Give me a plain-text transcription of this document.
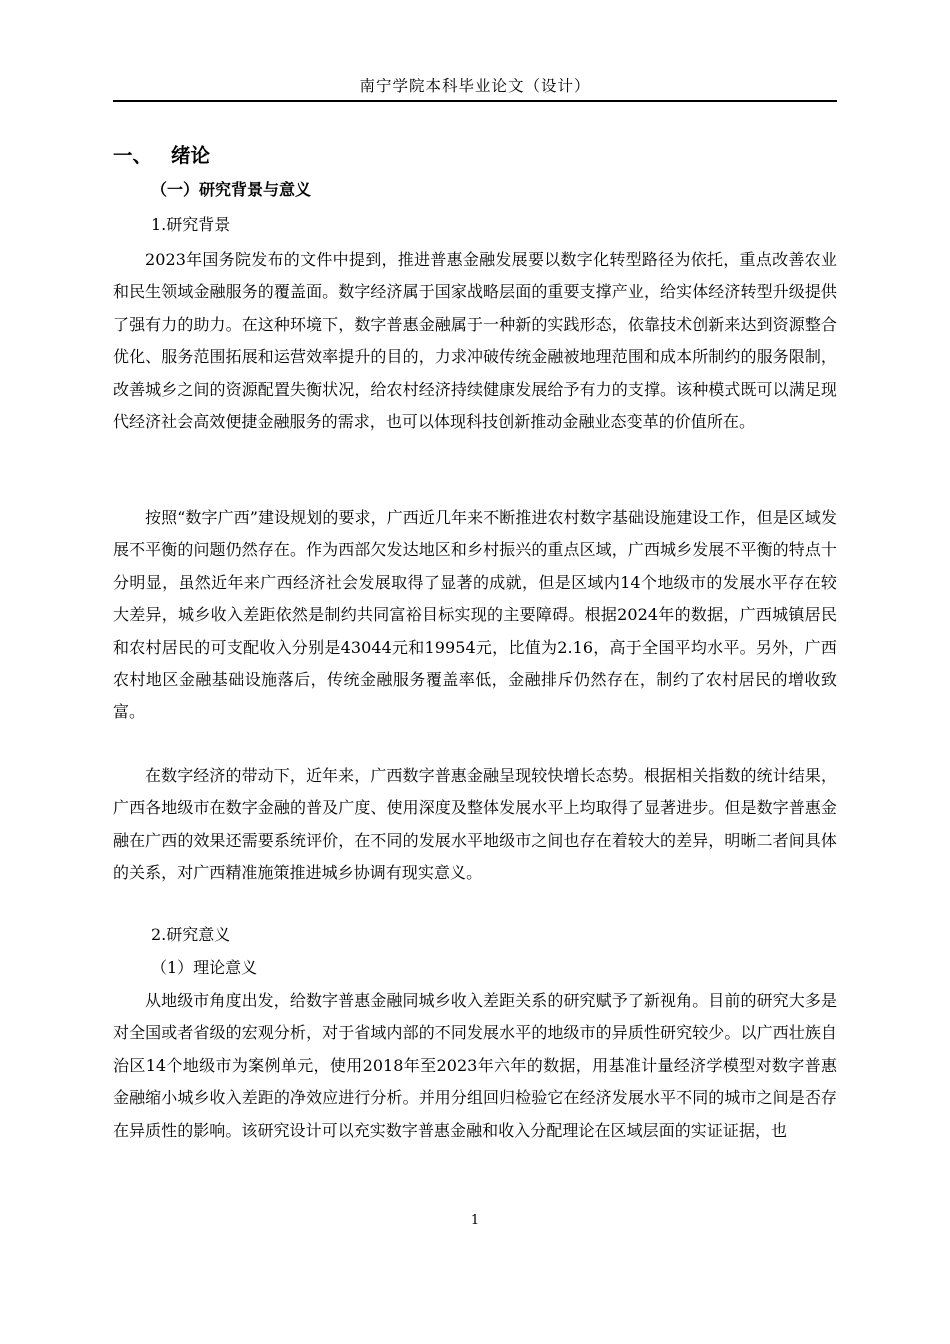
南宁学院本科毕业论文（设计）
一、 绪论
（一）研究背景与意义
1.研究背景
2023年国务院发布的文件中提到，推进普惠金融发展要以数字化转型路径为依托，重点改善农业和民生领域金融服务的覆盖面。数字经济属于国家战略层面的重要支撑产业，给实体经济转型升级提供了强有力的助力。在这种环境下，数字普惠金融属于一种新的实践形态，依靠技术创新来达到资源整合优化、服务范围拓展和运营效率提升的目的，力求冲破传统金融被地理范围和成本所制约的服务限制，改善城乡之间的资源配置失衡状况，给农村经济持续健康发展给予有力的支撑。该种模式既可以满足现代经济社会高效便捷金融服务的需求，也可以体现科技创新推动金融业态变革的价值所在。
按照“数字广西”建设规划的要求，广西近几年来不断推进农村数字基础设施建设工作，但是区域发展不平衡的问题仍然存在。作为西部欠发达地区和乡村振兴的重点区域，广西城乡发展不平衡的特点十分明显，虽然近年来广西经济社会发展取得了显著的成就，但是区域内14个地级市的发展水平存在较大差异，城乡收入差距依然是制约共同富裕目标实现的主要障碍。根据2024年的数据，广西城镇居民和农村居民的可支配收入分别是43044元和19954元，比值为2.16，高于全国平均水平。另外，广西农村地区金融基础设施落后，传统金融服务覆盖率低，金融排斥仍然存在，制约了农村居民的增收致富。
在数字经济的带动下，近年来，广西数字普惠金融呈现较快增长态势。根据相关指数的统计结果，广西各地级市在数字金融的普及广度、使用深度及整体发展水平上均取得了显著进步。但是数字普惠金融在广西的效果还需要系统评价，在不同的发展水平地级市之间也存在着较大的差异，明晰二者间具体的关系，对广西精准施策推进城乡协调有现实意义。
2.研究意义
（1）理论意义
从地级市角度出发，给数字普惠金融同城乡收入差距关系的研究赋予了新视角。目前的研究大多是对全国或者省级的宏观分析，对于省域内部的不同发展水平的地级市的异质性研究较少。以广西壮族自治区14个地级市为案例单元，使用2018年至2023年六年的数据，用基准计量经济学模型对数字普惠金融缩小城乡收入差距的净效应进行分析。并用分组回归检验它在经济发展水平不同的城市之间是否存在异质性的影响。该研究设计可以充实数字普惠金融和收入分配理论在区域层面的实证证据，也
1
